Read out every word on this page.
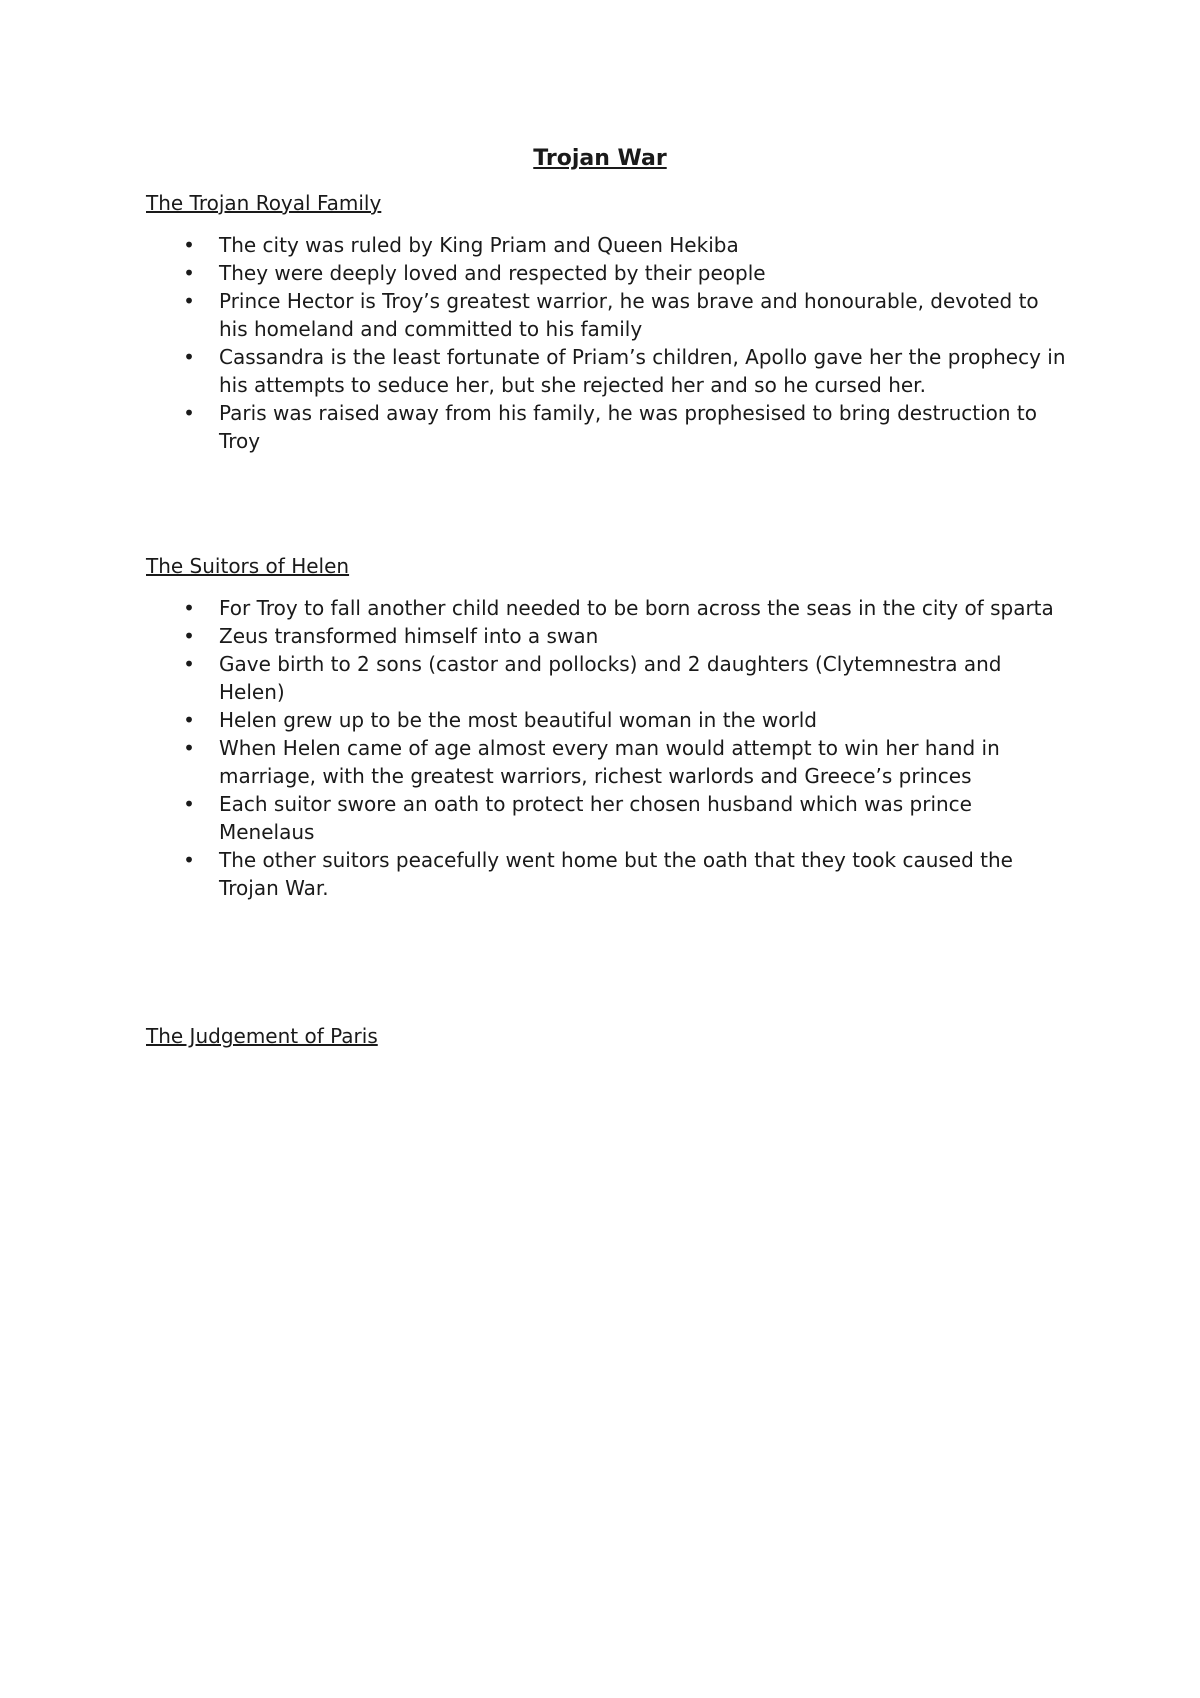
Trojan War
The Trojan Royal Family
• The city was ruled by King Priam and Queen Hekiba
• They were deeply loved and respected by their people
• Prince Hector is Troy’s greatest warrior, he was brave and honourable, devoted to his homeland and committed to his family
• Cassandra is the least fortunate of Priam’s children, Apollo gave her the prophecy in his attempts to seduce her, but she rejected her and so he cursed her.
• Paris was raised away from his family, he was prophesised to bring destruction to Troy
The Suitors of Helen
• For Troy to fall another child needed to be born across the seas in the city of sparta
• Zeus transformed himself into a swan
• Gave birth to 2 sons (castor and pollocks) and 2 daughters (Clytemnestra and Helen)
• Helen grew up to be the most beautiful woman in the world
• When Helen came of age almost every man would attempt to win her hand in marriage, with the greatest warriors, richest warlords and Greece’s princes
• Each suitor swore an oath to protect her chosen husband which was prince Menelaus
• The other suitors peacefully went home but the oath that they took caused the Trojan War.
The Judgement of Paris
